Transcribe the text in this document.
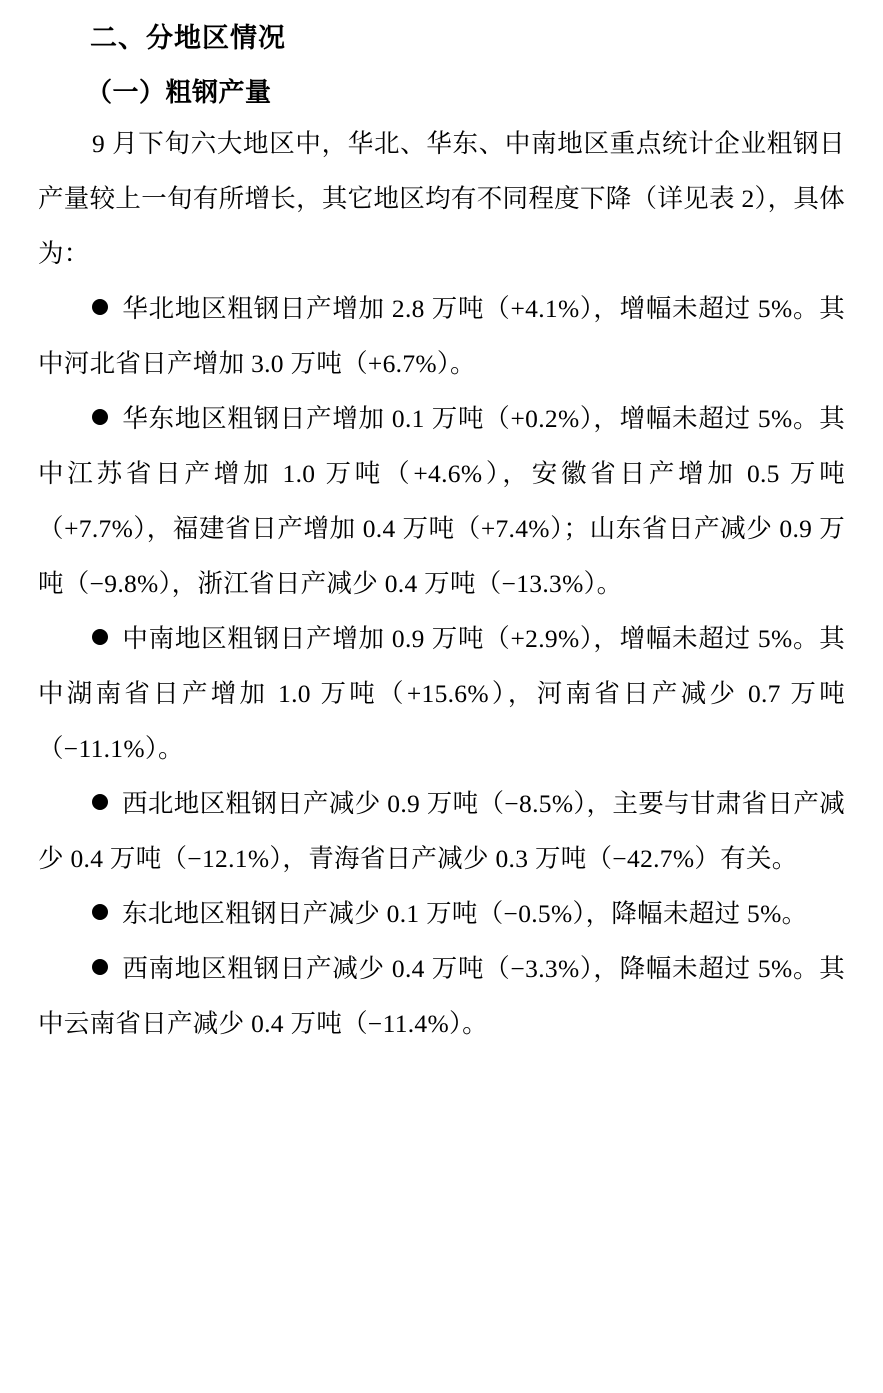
二、分地区情况
（一）粗钢产量

9 月下旬六大地区中，华北、华东、中南地区重点统计企业粗钢日产量较上一旬有所增长，其它地区均有不同程度下降（详见表 2），具体为：

华北地区粗钢日产增加 2.8 万吨（+4.1%），增幅未超过 5%。其中河北省日产增加 3.0 万吨（+6.7%）。

华东地区粗钢日产增加 0.1 万吨（+0.2%），增幅未超过 5%。其中江苏省日产增加 1.0 万吨（+4.6%），安徽省日产增加 0.5 万吨（+7.7%），福建省日产增加 0.4 万吨（+7.4%）；山东省日产减少 0.9 万吨（−9.8%），浙江省日产减少 0.4 万吨（−13.3%）。

中南地区粗钢日产增加 0.9 万吨（+2.9%），增幅未超过 5%。其中湖南省日产增加 1.0 万吨（+15.6%），河南省日产减少 0.7 万吨（−11.1%）。

西北地区粗钢日产减少 0.9 万吨（−8.5%），主要与甘肃省日产减少 0.4 万吨（−12.1%），青海省日产减少 0.3 万吨（−42.7%）有关。

东北地区粗钢日产减少 0.1 万吨（−0.5%），降幅未超过 5%。

西南地区粗钢日产减少 0.4 万吨（−3.3%），降幅未超过 5%。其中云南省日产减少 0.4 万吨（−11.4%）。
